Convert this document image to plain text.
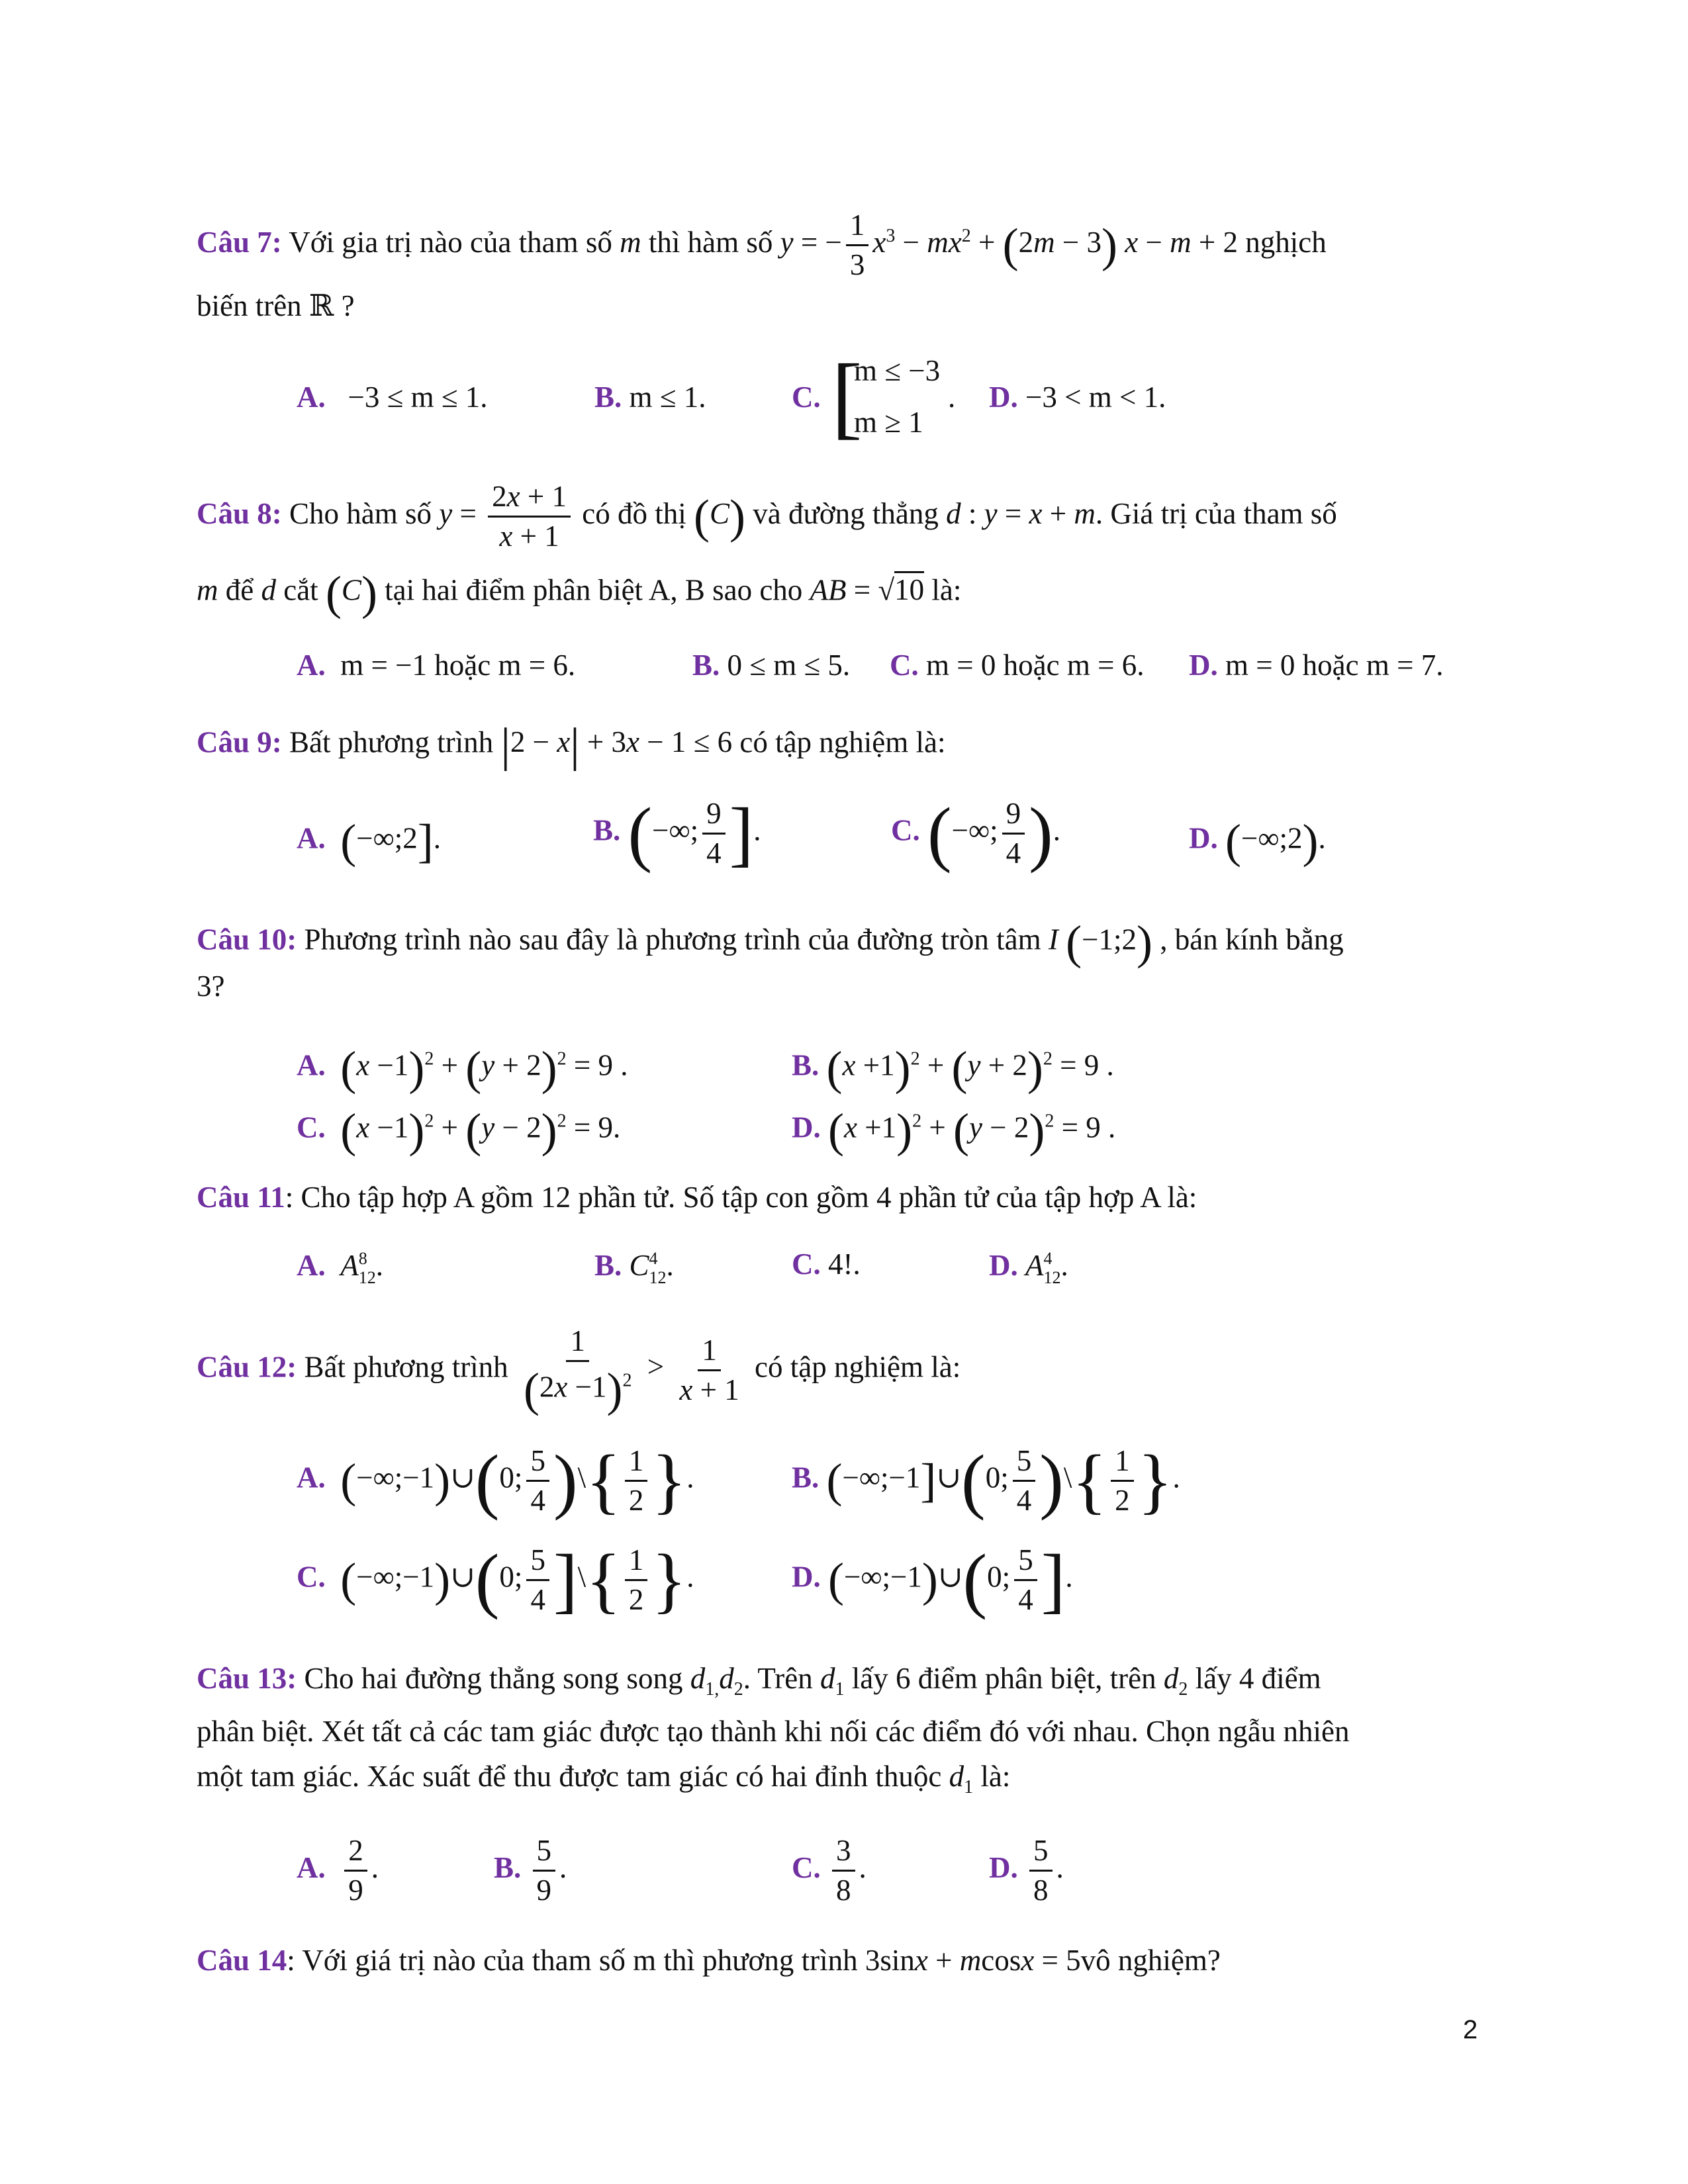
Câu 7: Với gia trị nào của tham số m thì hàm số y = − $\frac{1}{3} x^3 - mx^2 + (2m - 3) x - m + 2$ nghịch
biến trên ℝ ?
A. −3 ≤ m ≤ 1.	B. m ≤ 1.	C. [
m ≤ −3
m ≥ 1
. D. −3 < m < 1.
Câu 8: Cho hàm số $y = \frac{2x + 1}{x + 1}$ có đồ thị (C) và đường thẳng d : y = x + m. Giá trị của tham số
m để d cắt (C) tại hai điểm phân biệt A, B sao cho AB = √10 là:
A. m = −1 hoặc m = 6.	B. 0 ≤ m ≤ 5. C. m = 0 hoặc m = 6. D. m = 0 hoặc m = 7.
Câu 9: Bất phương trình |2 − x| + 3x − 1 ≤ 6 có tập nghiệm là:
A. (−∞;2].	B. (−∞; $\frac{9}{4}$ ].	C. (−∞; $\frac{9}{4}$ ).	D. (−∞;2).
Câu 10: Phương trình nào sau đây là phương trình của đường tròn tâm I (−1;2) , bán kính bằng
3?
A. $(x -1)^2 + (y + 2)^2 = 9$ .	B. $(x +1)^2 + (y + 2)^2 = 9$ .
C. $(x -1)^2 + (y - 2)^2 = 9$.	D. $(x +1)^2 + (y - 2)^2 = 9$ .
Câu 11: Cho tập hợp A gồm 12 phần tử. Số tập con gồm 4 phần tử của tập hợp A là:
A. A 8
12 .	B. C 4
12 .	C. 4!.	D. A 4
12 .
Câu 12: Bất phương trình $\frac{1}{(2x -1)^2} > \frac{1}{x + 1}$ có tập nghiệm là:
A. (−∞;−1)∪(0; $\frac{5}{4}$ )\{ $\frac{1}{2}$ }.	B. (−∞;−1]∪(0; $\frac{5}{4}$ )\{ $\frac{1}{2}$ }.
C. (−∞;−1)∪(0; $\frac{5}{4}$ ]\{ $\frac{1}{2}$ }.	D. (−∞;−1)∪(0; $\frac{5}{4}$ ].
Câu 13: Cho hai đường thẳng song song $d_{1,}d_2$. Trên $d_1$ lấy 6 điểm phân biệt, trên $d_2$ lấy 4 điểm
phân biệt. Xét tất cả các tam giác được tạo thành khi nối các điểm đó với nhau. Chọn ngẫu nhiên
một tam giác. Xác suất để thu được tam giác có hai đỉnh thuộc $d_1$ là:
A. $\frac{2}{9}$ .	B. $\frac{5}{9}$ .	C. $\frac{3}{8}$ .	D. $\frac{5}{8}$ .
Câu 14: Với giá trị nào của tham số m thì phương trình 3sinx + mcosx = 5vô nghiệm?
2
